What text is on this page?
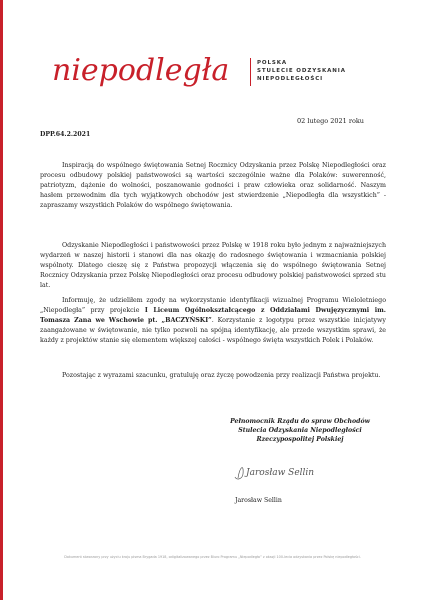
niepodległa	POLSKA
STULECIE ODZYSKANIA
NIEPODLEGŁOŚCI
02 lutego 2021 roku
DPP.64.2.2021

Inspiracją do wspólnego świętowania Setnej Rocznicy Odzyskania przez Polskę Niepodległości oraz procesu odbudowy polskiej państwowości są wartości szczególnie ważne dla Polaków: suwerenność, patriotyzm, dążenie do wolności, poszanowanie godności i praw człowieka oraz solidarność. Naszym hasłem przewodnim dla tych wyjątkowych obchodów jest stwierdzenie „Niepodległa dla wszystkich” - zapraszamy wszystkich Polaków do wspólnego świętowania.

Odzyskanie Niepodległości i państwowości przez Polskę w 1918 roku było jednym z najważniejszych wydarzeń w naszej historii i stanowi dla nas okazję do radosnego świętowania i wzmacniania polskiej wspólnoty. Dlatego cieszę się z Państwa propozycji włączenia się do wspólnego świętowania Setnej Rocznicy Odzyskania przez Polskę Niepodległości oraz procesu odbudowy polskiej państwowości sprzed stu lat.

Informuję, że udzieliłem zgody na wykorzystanie identyfikacji wizualnej Programu Wieloletniego „Niepodległa” przy projekcie I Liceum Ogólnokształcącego z Oddziałami Dwujęzycznymi im. Tomasza Zana we Wschowie pt. „BACZYŃSKI”. Korzystanie z logotypu przez wszystkie inicjatywy zaangażowane w świętowanie, nie tylko pozwoli na spójną identyfikację, ale przede wszystkim sprawi, że każdy z projektów stanie się elementem większej całości - wspólnego święta wszystkich Polek i Polaków.

Pozostając z wyrazami szacunku, gratuluję oraz życzę powodzenia przy realizacji Państwa projektu.

Pełnomocnik Rządu do spraw Obchodów
Stulecia Odzyskania Niepodległości
Rzeczypospolitej Polskiej
Jarosław Sellin
Jarosław Sellin
Dokument stworzony przy użyciu kroju pisma Brygada 1918, odigitalizowanego przez Biuro Programu „Niepodległa” z okazji 100-lecia odzyskania przez Polskę niepodległości.
